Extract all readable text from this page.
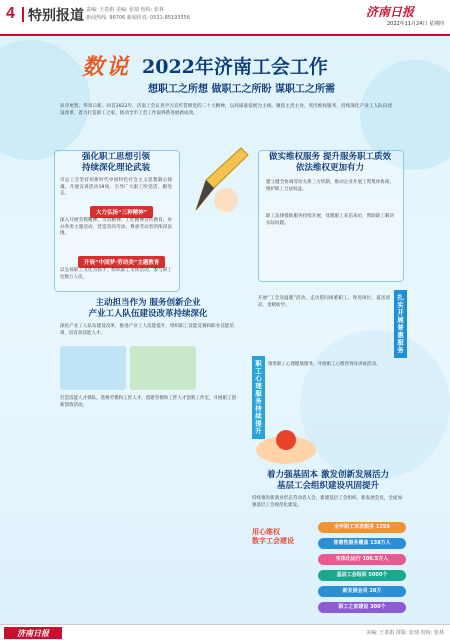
4 特别报道 责编: 王希娟 美编: 张琦 校检: 张林
新闻热线: 96706 新闻传真: 0531-85193556	济南日报
2022年11月24日 星期四
数说 2022年济南工会工作
想职工之所想 做职工之所盼 谋职工之所需
岁序更替、华章日新。回首2022年，济南工会认真学习宣传贯彻党的二十大精神，以高质量发展为主线，聚焦主责主业，突出维权服务，持续深化产业工人队伍建设改革，着力打造职工之家，推动全市工会工作取得新进展新成效。
强化职工思想引领
持续深化理论武装
市总工会坚持用新时代中国特色社会主义思想凝心铸魂，开展宣讲活动19场，引导广大职工听党话、跟党走。
大力弘扬“三种精神”
深入开展劳模精神、劳动精神、工匠精神宣传教育，举办各类主题活动，营造崇尚劳动、尊重劳动者的浓厚氛围。
开展“中国梦·劳动美”主题教育
以弘扬职工文化为抓手，组织职工文体活动，参与职工达数万人次。
做实维权服务 提升服务职工质效
依法维权更加有力
建立健全协调劳动关系三方机制，推动企业开展工资集体协商，维护职工合法权益。
职工法律援助服务持续开展，受理职工来信来访，帮助职工解决实际问题。
扎实开展普惠服务
开展“工会送温暖”活动，走访慰问困难职工，春送岗位、夏送清凉、金秋助学。
职工心理服务持续提升	推进职工心理健康服务，开展职工心理咨询及讲座活动。
主动担当作为 服务创新企业
产业工人队伍建设改革持续深化
深化产业工人队伍建设改革，推进产业工人技能提升，组织职工技能竞赛和职业技能培训，培育高技能人才。
打造技能人才梯队，选树劳模和工匠人才，创建劳模和工匠人才创新工作室，开展职工创新创效活动。
着力强基固本 激发创新发展活力
基层工会组织建设巩固提升
持续推进新就业形态劳动者入会，新建基层工会组织，新发展会员，全面加强基层工会规范化建设。
用心维权
数字工会建设
全年职工诉求服务 1259
普惠性服务覆盖 138万人
实体化运行 106.5万人
基层工会组织 5000个
新发展会员 28万
职工之家建设 300个
济南日报	美编: 王希娟 排版: 张琦 校检: 张林
